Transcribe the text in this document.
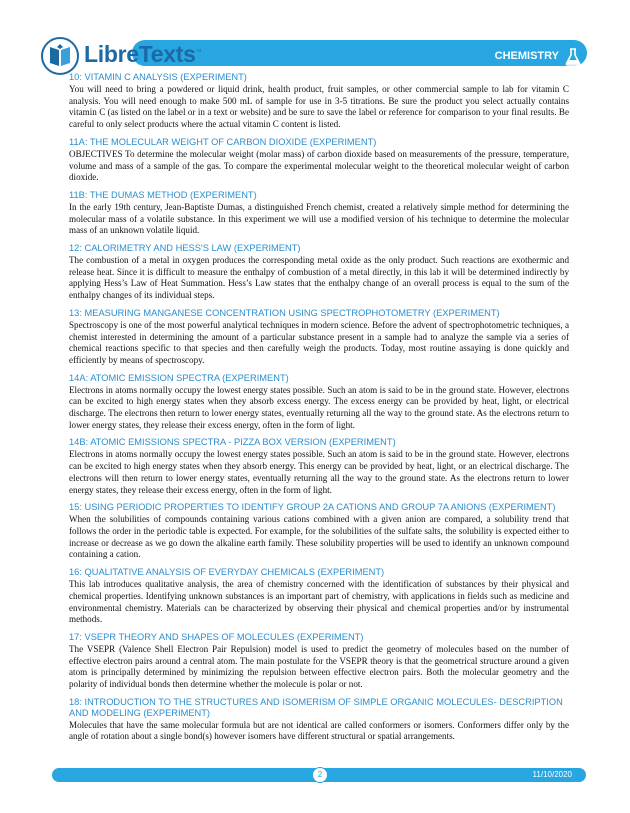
CHEMISTRY
LibreTexts™
10: VITAMIN C ANALYSIS (EXPERIMENT)

You will need to bring a powdered or liquid drink, health product, fruit samples, or other commercial sample to lab for vitamin C analysis. You will need enough to make 500 mL of sample for use in 3-5 titrations. Be sure the product you select actually contains vitamin C (as listed on the label or in a text or website) and be sure to save the label or reference for comparison to your final results. Be careful to only select products where the actual vitamin C content is listed.

11A: THE MOLECULAR WEIGHT OF CARBON DIOXIDE (EXPERIMENT)

OBJECTIVES To determine the molecular weight (molar mass) of carbon dioxide based on measurements of the pressure, temperature, volume and mass of a sample of the gas. To compare the experimental molecular weight to the theoretical molecular weight of carbon dioxide.

11B: THE DUMAS METHOD (EXPERIMENT)

In the early 19th century, Jean-Baptiste Dumas, a distinguished French chemist, created a relatively simple method for determining the molecular mass of a volatile substance. In this experiment we will use a modified version of his technique to determine the molecular mass of an unknown volatile liquid.

12: CALORIMETRY AND HESS'S LAW (EXPERIMENT)

The combustion of a metal in oxygen produces the corresponding metal oxide as the only product. Such reactions are exothermic and release heat. Since it is difficult to measure the enthalpy of combustion of a metal directly, in this lab it will be determined indirectly by applying Hess’s Law of Heat Summation. Hess’s Law states that the enthalpy change of an overall process is equal to the sum of the enthalpy changes of its individual steps.

13: MEASURING MANGANESE CONCENTRATION USING SPECTROPHOTOMETRY (EXPERIMENT)

Spectroscopy is one of the most powerful analytical techniques in modern science. Before the advent of spectrophotometric techniques, a chemist interested in determining the amount of a particular substance present in a sample had to analyze the sample via a series of chemical reactions specific to that species and then carefully weigh the products. Today, most routine assaying is done quickly and efficiently by means of spectroscopy.

14A: ATOMIC EMISSION SPECTRA (EXPERIMENT)

Electrons in atoms normally occupy the lowest energy states possible. Such an atom is said to be in the ground state. However, electrons can be excited to high energy states when they absorb excess energy. The excess energy can be provided by heat, light, or electrical discharge. The electrons then return to lower energy states, eventually returning all the way to the ground state. As the electrons return to lower energy states, they release their excess energy, often in the form of light.

14B: ATOMIC EMISSIONS SPECTRA - PIZZA BOX VERSION (EXPERIMENT)

Electrons in atoms normally occupy the lowest energy states possible. Such an atom is said to be in the ground state. However, electrons can be excited to high energy states when they absorb energy. This energy can be provided by heat, light, or an electrical discharge. The electrons will then return to lower energy states, eventually returning all the way to the ground state. As the electrons return to lower energy states, they release their excess energy, often in the form of light.

15: USING PERIODIC PROPERTIES TO IDENTIFY GROUP 2A CATIONS AND GROUP 7A ANIONS (EXPERIMENT)

When the solubilities of compounds containing various cations combined with a given anion are compared, a solubility trend that follows the order in the periodic table is expected. For example, for the solubilities of the sulfate salts, the solubility is expected either to increase or decrease as we go down the alkaline earth family. These solubility properties will be used to identify an unknown compound containing a cation.

16: QUALITATIVE ANALYSIS OF EVERYDAY CHEMICALS (EXPERIMENT)

This lab introduces qualitative analysis, the area of chemistry concerned with the identification of substances by their physical and chemical properties. Identifying unknown substances is an important part of chemistry, with applications in fields such as medicine and environmental chemistry. Materials can be characterized by observing their physical and chemical properties and/or by instrumental methods.

17: VSEPR THEORY AND SHAPES OF MOLECULES (EXPERIMENT)

The VSEPR (Valence Shell Electron Pair Repulsion) model is used to predict the geometry of molecules based on the number of effective electron pairs around a central atom. The main postulate for the VSEPR theory is that the geometrical structure around a given atom is principally determined by minimizing the repulsion between effective electron pairs. Both the molecular geometry and the polarity of individual bonds then determine whether the molecule is polar or not.

18: INTRODUCTION TO THE STRUCTURES AND ISOMERISM OF SIMPLE ORGANIC MOLECULES- DESCRIPTION AND MODELING (EXPERIMENT)

Molecules that have the same molecular formula but are not identical are called conformers or isomers. Conformers differ only by the angle of rotation about a single bond(s) however isomers have different structural or spatial arrangements.

2	11/10/2020
